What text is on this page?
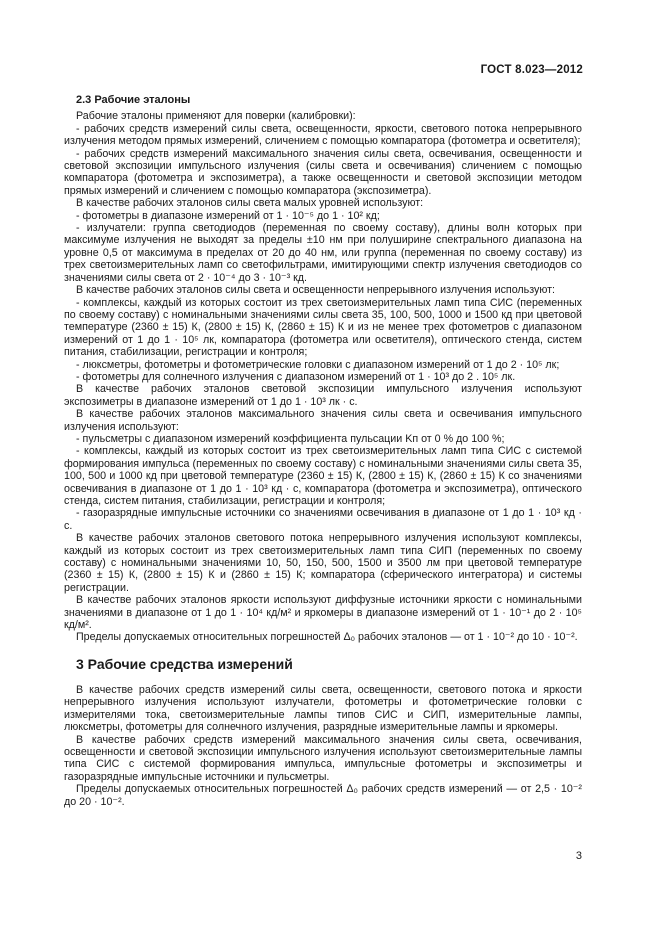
ГОСТ 8.023—2012
2.3 Рабочие эталоны

Рабочие эталоны применяют для поверки (калибровки):

- рабочих средств измерений силы света, освещенности, яркости, светового потока непрерывного излучения методом прямых измерений, сличением с помощью компаратора (фотометра и осветителя);

- рабочих средств измерений максимального значения силы света, освечивания, освещенности и световой экспозиции импульсного излучения (силы света и освечивания) сличением с помощью компаратора (фотометра и экспозиметра), а также освещенности и световой экспозиции методом прямых измерений и сличением с помощью компаратора (экспозиметра).

В качестве рабочих эталонов силы света малых уровней используют:

- фотометры в диапазоне измерений от 1 · 10⁻⁵ до 1 · 10² кд;

- излучатели: группа светодиодов (переменная по своему составу), длины волн которых при максимуме излучения не выходят за пределы ±10 нм при полуширине спектрального диапазона на уровне 0,5 от максимума в пределах от 20 до 40 нм, или группа (переменная по своему составу) из трех светоизмерительных ламп со светофильтрами, имитирующими спектр излучения светодиодов со значениями силы света от 2 · 10⁻⁴ до 3 · 10⁻³ кд.

В качестве рабочих эталонов силы света и освещенности непрерывного излучения используют:

- комплексы, каждый из которых состоит из трех светоизмерительных ламп типа СИС (переменных по своему составу) с номинальными значениями силы света 35, 100, 500, 1000 и 1500 кд при цветовой температуре (2360 ± 15) К, (2800 ± 15) К, (2860 ± 15) К и из не менее трех фотометров с диапазоном измерений от 1 до 1 · 10⁵ лк, компаратора (фотометра или осветителя), оптического стенда, систем питания, стабилизации, регистрации и контроля;

- люксметры, фотометры и фотометрические головки с диапазоном измерений от 1 до 2 · 10⁵ лк;

- фотометры для солнечного излучения с диапазоном измерений от 1 · 10³ до 2 . 10⁵ лк.

В качестве рабочих эталонов световой экспозиции импульсного излучения используют экспозиметры в диапазоне измерений от 1 до 1 · 10³ лк · с.

В качестве рабочих эталонов максимального значения силы света и освечивания импульсного излучения используют:

- пульсметры с диапазоном измерений коэффициента пульсации Kп от 0 % до 100 %;

- комплексы, каждый из которых состоит из трех светоизмерительных ламп типа СИС с системой формирования импульса (переменных по своему составу) с номинальными значениями силы света 35, 100, 500 и 1000 кд при цветовой температуре (2360 ± 15) К, (2800 ± 15) К, (2860 ± 15) К со значениями освечивания в диапазоне от 1 до 1 · 10³ кд · с, компаратора (фотометра и экспозиметра), оптического стенда, систем питания, стабилизации, регистрации и контроля;

- газоразрядные импульсные источники со значениями освечивания в диапазоне от 1 до 1 · 10³ кд · с.

В качестве рабочих эталонов светового потока непрерывного излучения используют комплексы, каждый из которых состоит из трех светоизмерительных ламп типа СИП (переменных по своему составу) с номинальными значениями 10, 50, 150, 500, 1500 и 3500 лм при цветовой температуре (2360 ± 15) К, (2800 ± 15) К и (2860 ± 15) К; компаратора (сферического интегратора) и системы регистрации.

В качестве рабочих эталонов яркости используют диффузные источники яркости с номинальными значениями в диапазоне от 1 до 1 · 10⁴ кд/м² и яркомеры в диапазоне измерений от 1 · 10⁻¹ до 2 · 10⁵ кд/м².

Пределы допускаемых относительных погрешностей Δ₀ рабочих эталонов — от 1 · 10⁻² до 10 · 10⁻².

3 Рабочие средства измерений

В качестве рабочих средств измерений силы света, освещенности, светового потока и яркости непрерывного излучения используют излучатели, фотометры и фотометрические головки с измерителями тока, светоизмерительные лампы типов СИС и СИП, измерительные лампы, люксметры, фотометры для солнечного излучения, разрядные измерительные лампы и яркомеры.

В качестве рабочих средств измерений максимального значения силы света, освечивания, освещенности и световой экспозиции импульсного излучения используют светоизмерительные лампы типа СИС с системой формирования импульса, импульсные фотометры и экспозиметры и газоразрядные импульсные источники и пульсметры.

Пределы допускаемых относительных погрешностей Δ₀ рабочих средств измерений — от 2,5 · 10⁻² до 20 · 10⁻².

3
